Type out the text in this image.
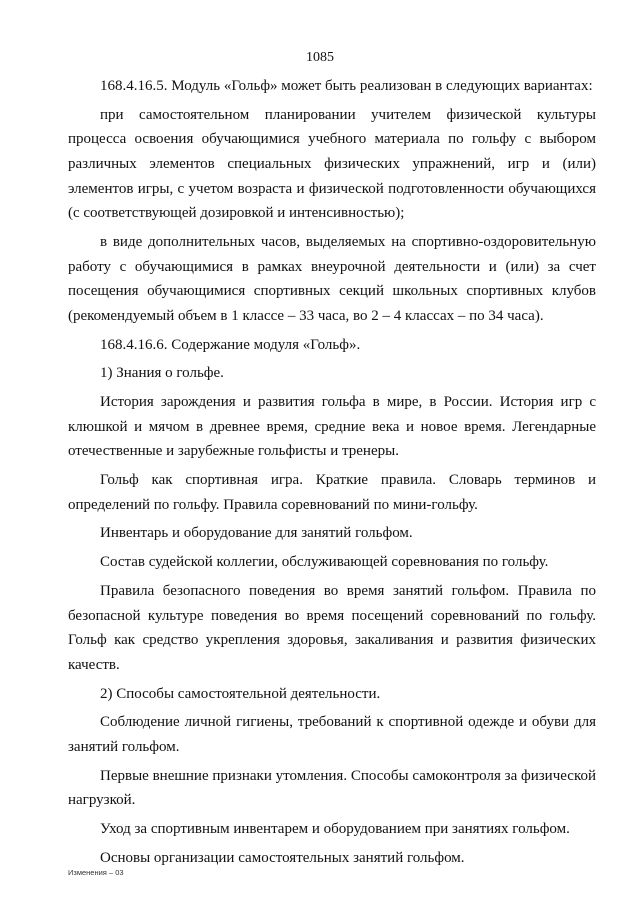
1085

168.4.16.5. Модуль «Гольф» может быть реализован в следующих вариантах:

при самостоятельном планировании учителем физической культуры процесса освоения обучающимися учебного материала по гольфу с выбором различных элементов специальных физических упражнений, игр и (или) элементов игры, с учетом возраста и физической подготовленности обучающихся (с соответствующей дозировкой и интенсивностью);

в виде дополнительных часов, выделяемых на спортивно-оздоровительную работу с обучающимися в рамках внеурочной деятельности и (или) за счет посещения обучающимися спортивных секций школьных спортивных клубов (рекомендуемый объем в 1 классе – 33 часа, во 2 – 4 классах – по 34 часа).

168.4.16.6. Содержание модуля «Гольф».

1) Знания о гольфе.

История зарождения и развития гольфа в мире, в России. История игр с клюшкой и мячом в древнее время, средние века и новое время. Легендарные отечественные и зарубежные гольфисты и тренеры.

Гольф как спортивная игра. Краткие правила. Словарь терминов и определений по гольфу. Правила соревнований по мини-гольфу.

Инвентарь и оборудование для занятий гольфом.

Состав судейской коллегии, обслуживающей соревнования по гольфу.

Правила безопасного поведения во время занятий гольфом. Правила по безопасной культуре поведения во время посещений соревнований по гольфу. Гольф как средство укрепления здоровья, закаливания и развития физических качеств.

2) Способы самостоятельной деятельности.

Соблюдение личной гигиены, требований к спортивной одежде и обуви для занятий гольфом.

Первые внешние признаки утомления. Способы самоконтроля за физической нагрузкой.

Уход за спортивным инвентарем и оборудованием при занятиях гольфом.

Основы организации самостоятельных занятий гольфом.

Изменения – 03
